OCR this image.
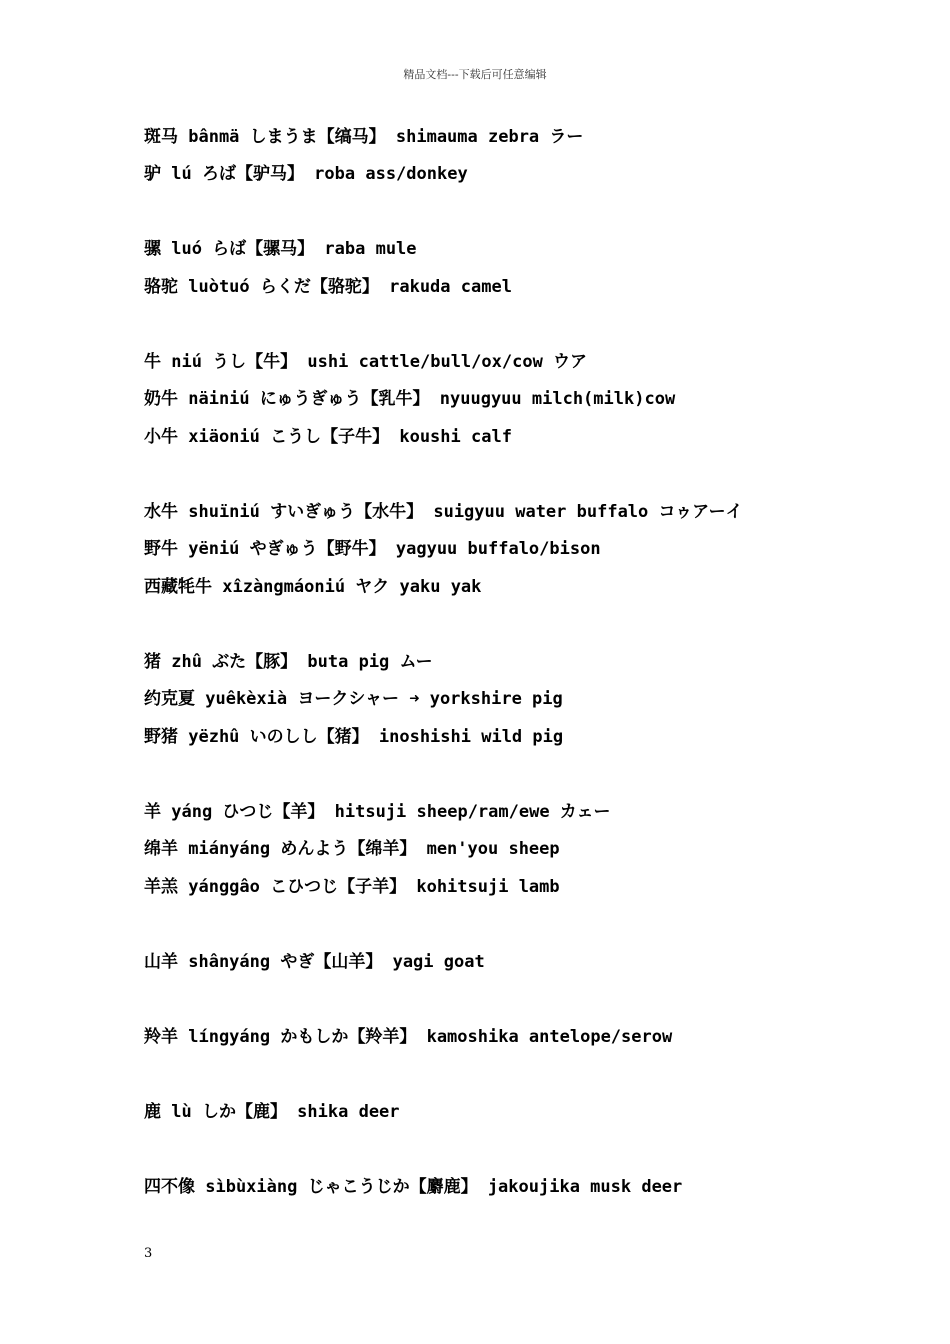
精品文档---下载后可任意编辑
斑马 bânmä しまうま【缟马】 shimauma zebra ラー
驴 lú ろば【驴马】 roba ass/donkey
骡 luó らば【骡马】 raba mule
骆驼 luòtuó らくだ【骆驼】 rakuda camel
牛 niú うし【牛】 ushi cattle/bull/ox/cow ウア
奶牛 näiniú にゅうぎゅう【乳牛】 nyuugyuu milch(milk)cow
小牛 xiäoniú こうし【子牛】 koushi calf
水牛 shuïniú すいぎゅう【水牛】 suigyuu water buffalo コゥアーイ
野牛 yëniú やぎゅう【野牛】 yagyuu buffalo/bison
西藏牦牛 xîzàngmáoniú ヤク yaku yak
猪 zhû ぶた【豚】 buta pig ムー
约克夏 yuêkèxià ヨークシャー ➜ yorkshire pig
野猪 yëzhû いのしし【猪】 inoshishi wild pig
羊 yáng ひつじ【羊】 hitsuji sheep/ram/ewe カェー
绵羊 miányáng めんよう【绵羊】 men'you sheep
羊羔 yánggâo こひつじ【子羊】 kohitsuji lamb
山羊 shânyáng やぎ【山羊】 yagi goat
羚羊 língyáng かもしか【羚羊】 kamoshika antelope/serow
鹿 lù しか【鹿】 shika deer
四不像 sìbùxiàng じゃこうじか【麝鹿】 jakoujika musk deer
3
